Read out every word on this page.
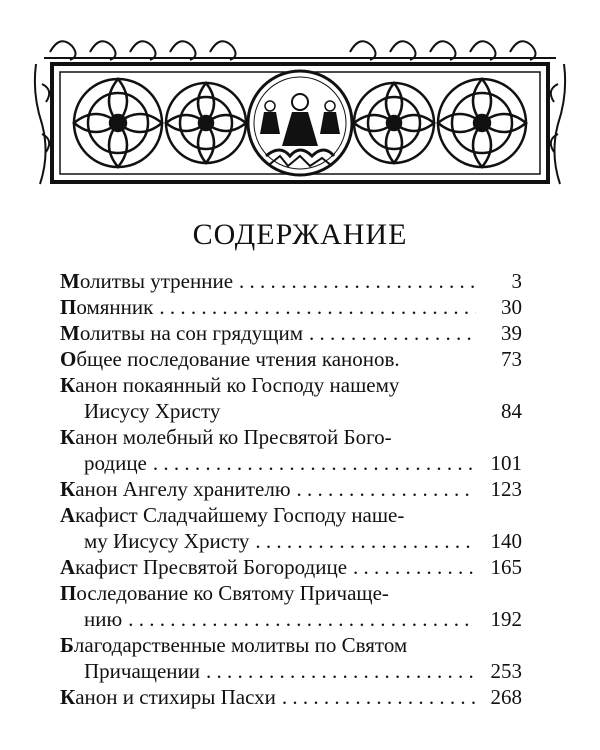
СОДЕРЖАНИЕ
Молитвы утренние . . .	3
Помянник . . .	30
Молитвы на сон грядущим . . .	39
Общее последование чтения канонов.	73
Канон покаянный ко Господу нашему
Иисусу Христу	84
Канон молебный ко Пресвятой Бого-
родице . . .	101
Канон Ангелу хранителю . . .	123
Акафист Сладчайшему Господу наше-
му Иисусу Христу . . .	140
Акафист Пресвятой Богородице . . .	165
Последование ко Святому Причаще-
нию . . .	192
Благодарственные молитвы по Святом
Причащении . . .	253
Канон и стихиры Пасхи . . .	268
